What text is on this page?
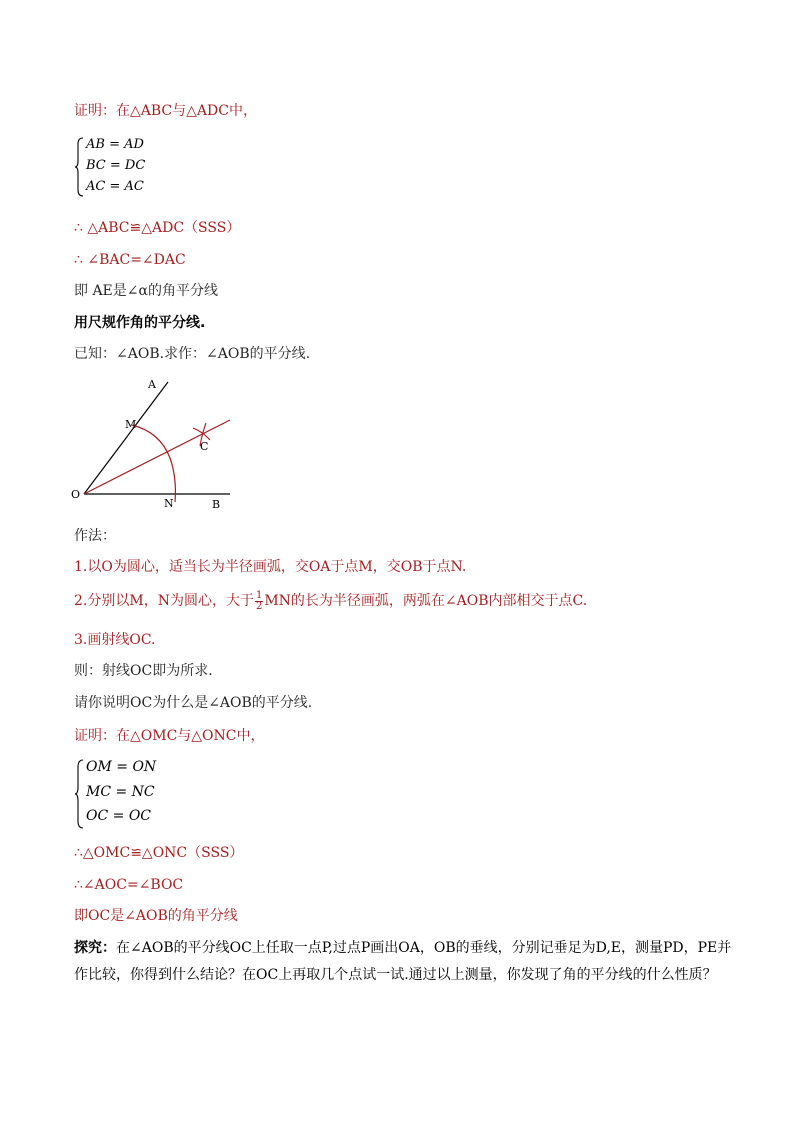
证明：在△ABC与△ADC中，
AB = AD
BC = DC
AC = AC
∴ △ABC≌△ADC（SSS）
∴ ∠BAC=∠DAC
即 AE是∠α的角平分线
用尺规作角的平分线.
已知：∠AOB.求作：∠AOB的平分线.
A
M
C
O
N	B
作法：
1.以O为圆心，适当长为半径画弧，交OA于点M，交OB于点N.
2.分别以M，N为圆心，大于 $\frac{1}{2}$ MN的长为半径画弧，两弧在∠AOB内部相交于点C.
3.画射线OC.
则：射线OC即为所求.
请你说明OC为什么是∠AOB的平分线.
证明：在△OMC与△ONC中，
OM = ON
MC = NC
OC = OC
∴△OMC≌△ONC（SSS）
∴∠AOC=∠BOC
即OC是∠AOB的角平分线
探究：在∠AOB的平分线OC上任取一点P,过点P画出OA，OB的垂线，分别记垂足为D,E，测量PD，PE并作比较，你得到什么结论？在OC上再取几个点试一试.通过以上测量，你发现了角的平分线的什么性质？
